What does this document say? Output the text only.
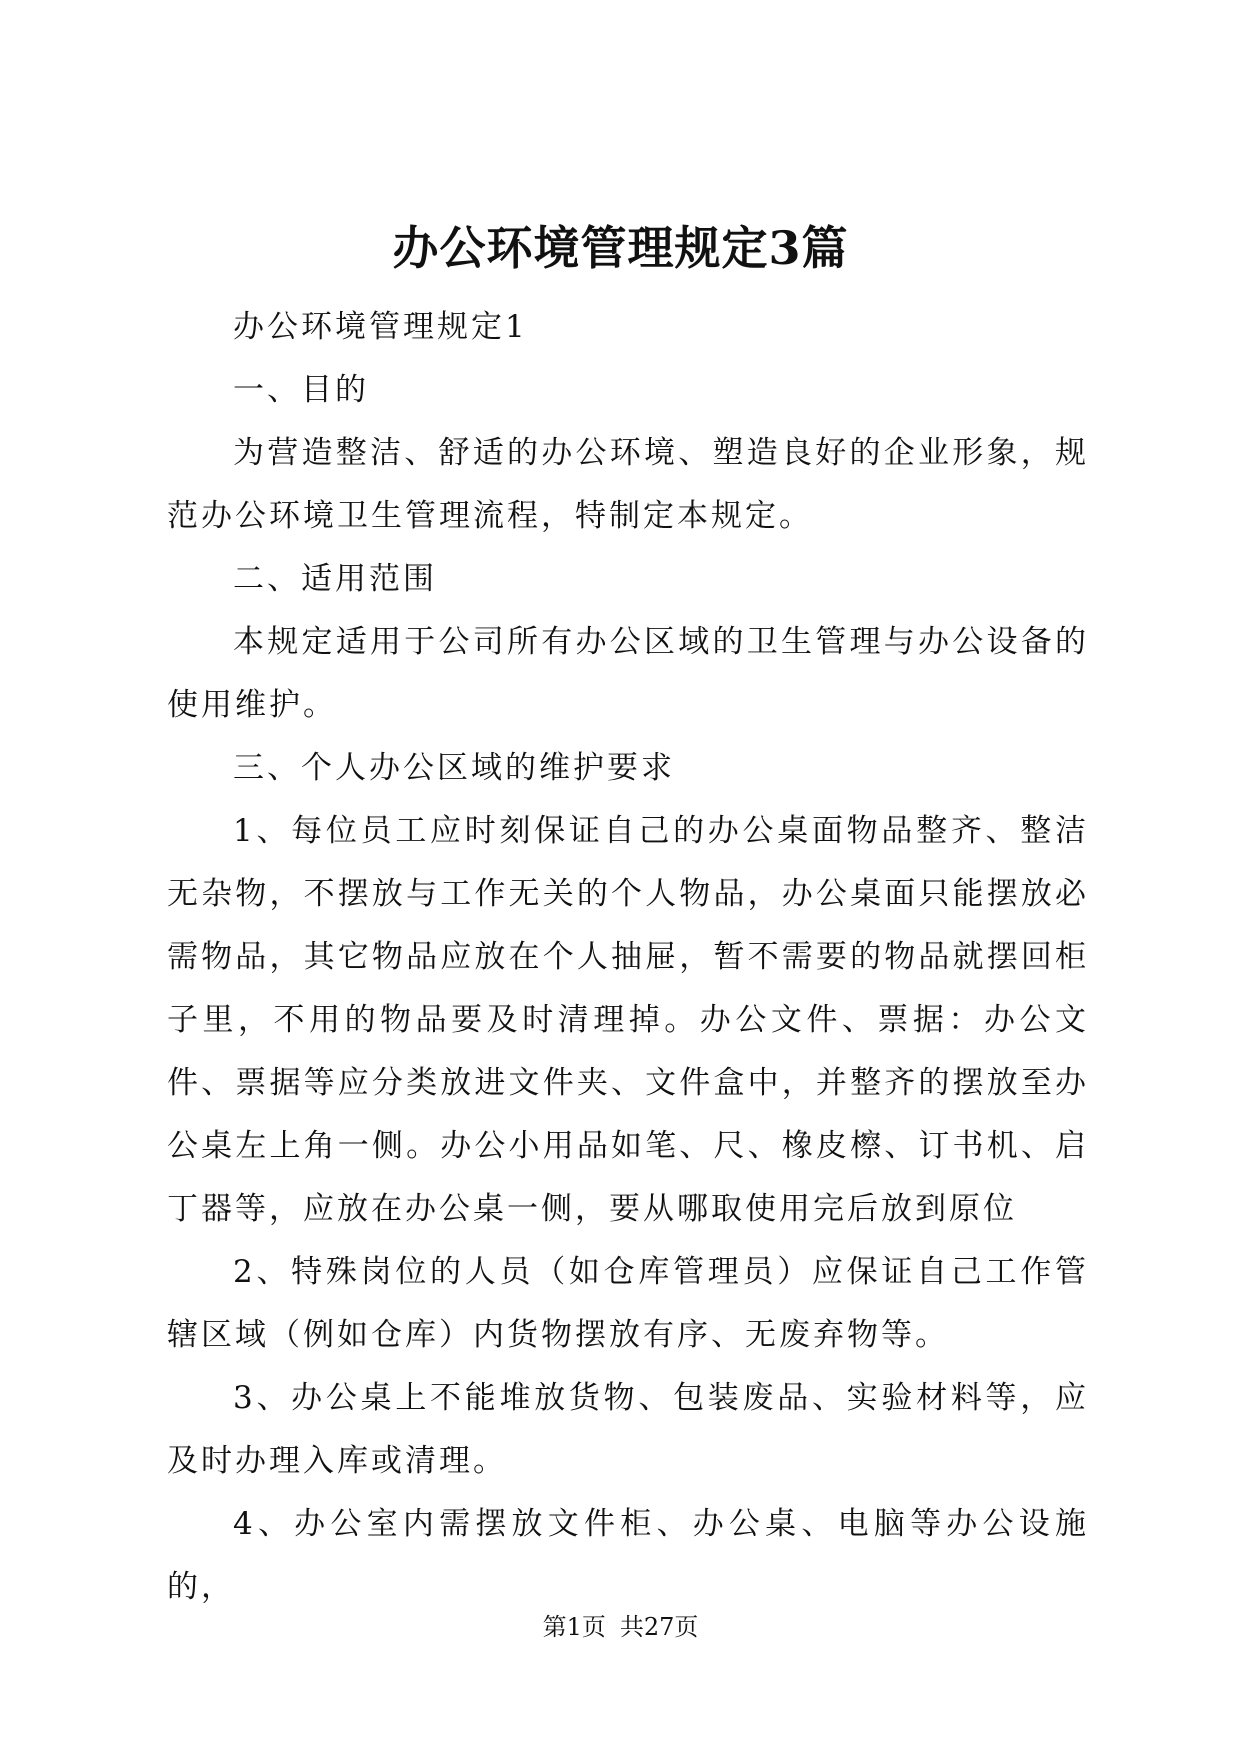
办公环境管理规定3篇

办公环境管理规定1

一、目的

为营造整洁、舒适的办公环境、塑造良好的企业形象，规范办公环境卫生管理流程，特制定本规定。

二、适用范围

本规定适用于公司所有办公区域的卫生管理与办公设备的使用维护。

三、个人办公区域的维护要求

1、每位员工应时刻保证自己的办公桌面物品整齐、整洁无杂物，不摆放与工作无关的个人物品，办公桌面只能摆放必需物品，其它物品应放在个人抽屉，暂不需要的物品就摆回柜子里，不用的物品要及时清理掉。办公文件、票据：办公文件、票据等应分类放进文件夹、文件盒中，并整齐的摆放至办公桌左上角一侧。办公小用品如笔、尺、橡皮檫、订书机、启丁器等，应放在办公桌一侧，要从哪取使用完后放到原位

2、特殊岗位的人员（如仓库管理员）应保证自己工作管辖区域（例如仓库）内货物摆放有序、无废弃物等。

3、办公桌上不能堆放货物、包装废品、实验材料等，应及时办理入库或清理。

4、办公室内需摆放文件柜、办公桌、电脑等办公设施的，

第1页 共27页
